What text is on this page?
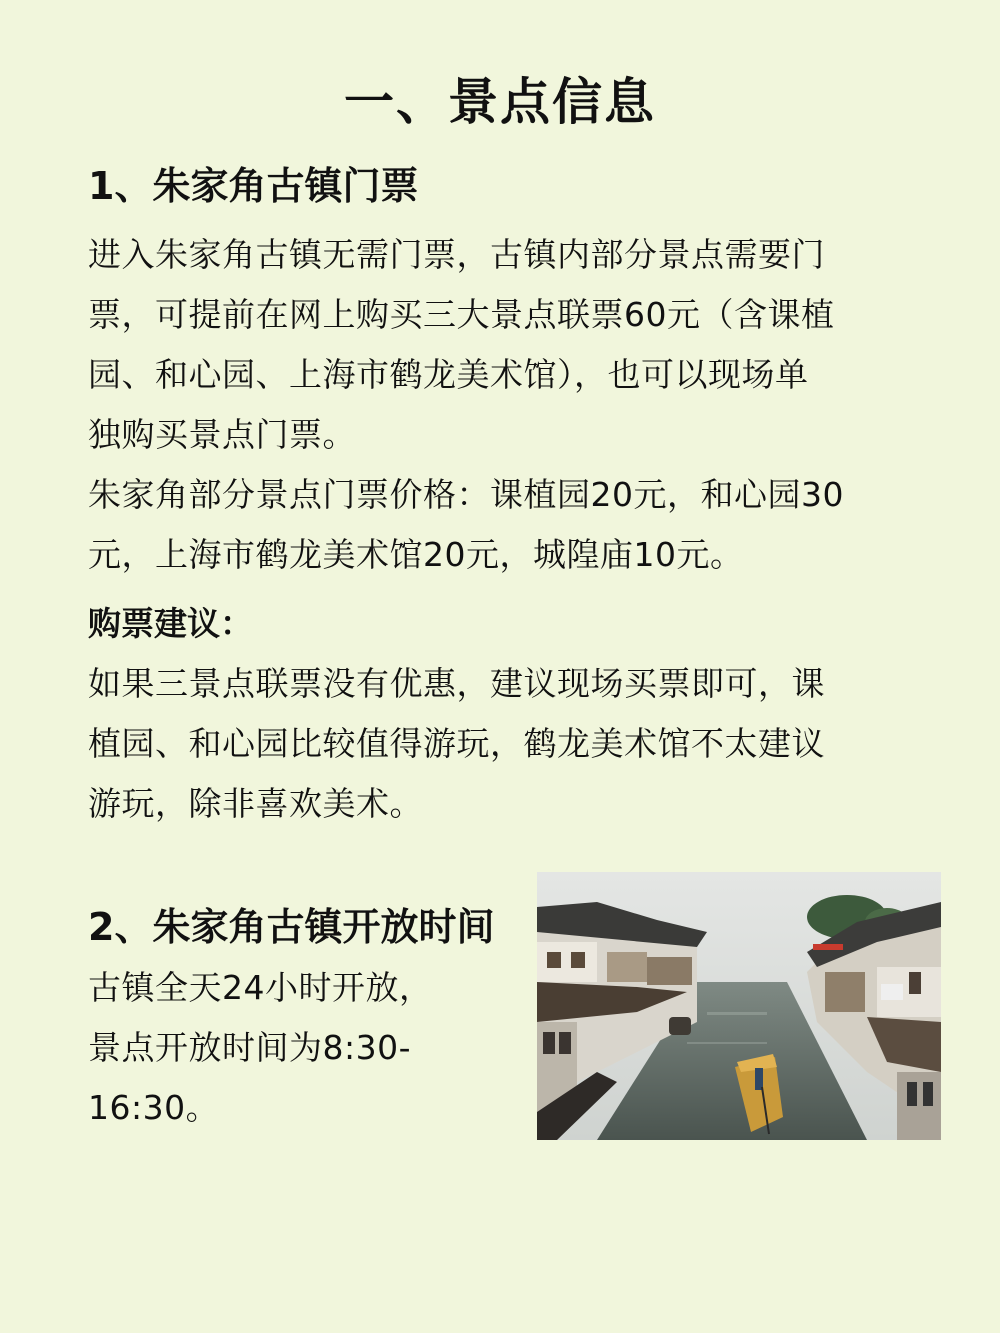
一、景点信息
1、朱家角古镇门票
进入朱家角古镇无需门票，古镇内部分景点需要门
票，可提前在网上购买三大景点联票60元（含课植
园、和心园、上海市鹤龙美术馆），也可以现场单
独购买景点门票。
朱家角部分景点门票价格：课植园20元，和心园30
元，上海市鹤龙美术馆20元，城隍庙10元。
购票建议：
如果三景点联票没有优惠，建议现场买票即可，课
植园、和心园比较值得游玩，鹤龙美术馆不太建议
游玩，除非喜欢美术。
2、朱家角古镇开放时间
古镇全天24小时开放，
景点开放时间为8:30-
16:30。
